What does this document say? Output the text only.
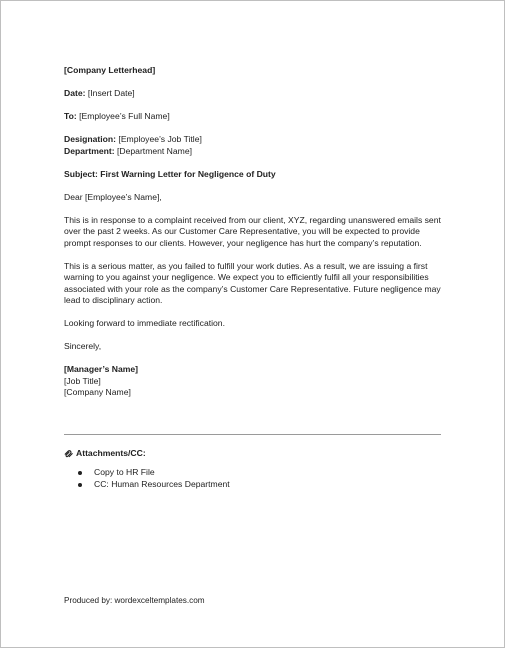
[Company Letterhead]
Date: [Insert Date]
To: [Employee’s Full Name]
Designation: [Employee’s Job Title]
Department: [Department Name]
Subject: First Warning Letter for Negligence of Duty
Dear [Employee’s Name],
This is in response to a complaint received from our client, XYZ, regarding unanswered emails sent over the past 2 weeks. As our Customer Care Representative, you will be expected to provide prompt responses to our clients. However, your negligence has hurt the company’s reputation.
This is a serious matter, as you failed to fulfill your work duties. As a result, we are issuing a first warning to you against your negligence. We expect you to efficiently fulfil all your responsibilities associated with your role as the company’s Customer Care Representative. Future negligence may lead to disciplinary action.
Looking forward to immediate rectification.
Sincerely,
[Manager’s Name]
[Job Title]
[Company Name]
Attachments/CC:
Copy to HR File
CC: Human Resources Department
Produced by: wordexceltemplates.com
